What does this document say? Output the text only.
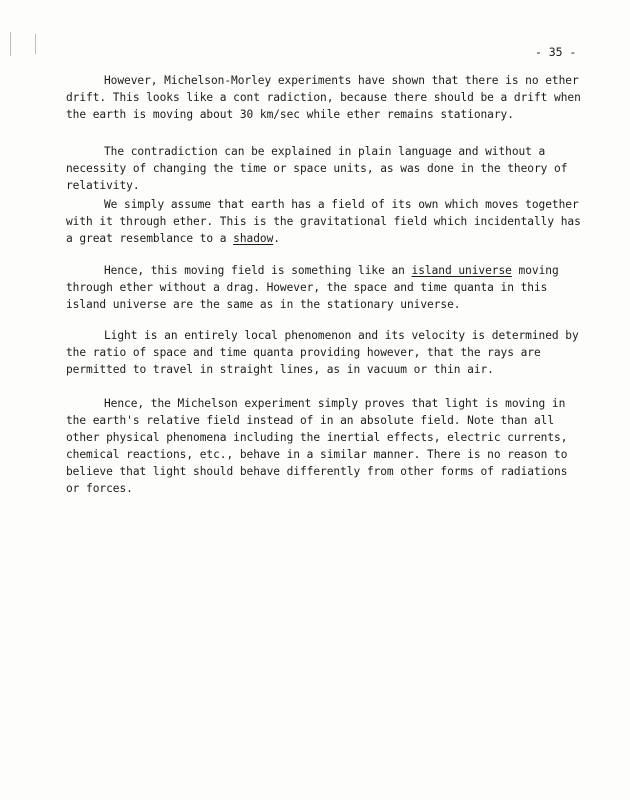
- 35 -

However, Michelson-Morley experiments have shown that there is no ether drift. This looks like a cont radiction, because there should be a drift when the earth is moving about 30 km/sec while ether remains stationary.

The contradiction can be explained in plain language and without a necessity of changing the time or space units, as was done in the theory of relativity.

We simply assume that earth has a field of its own which moves together with it through ether. This is the gravitational field which incidentally has a great resemblance to a shadow.

Hence, this moving field is something like an island universe moving through ether without a drag. However, the space and time quanta in this island universe are the same as in the stationary universe.

Light is an entirely local phenomenon and its velocity is determined by the ratio of space and time quanta providing however, that the rays are permitted to travel in straight lines, as in vacuum or thin air.

Hence, the Michelson experiment simply proves that light is moving in the earth's relative field instead of in an absolute field. Note than all other physical phenomena including the inertial effects, electric currents, chemical reactions, etc., behave in a similar manner. There is no reason to believe that light should behave differently from other forms of radiations or forces.
